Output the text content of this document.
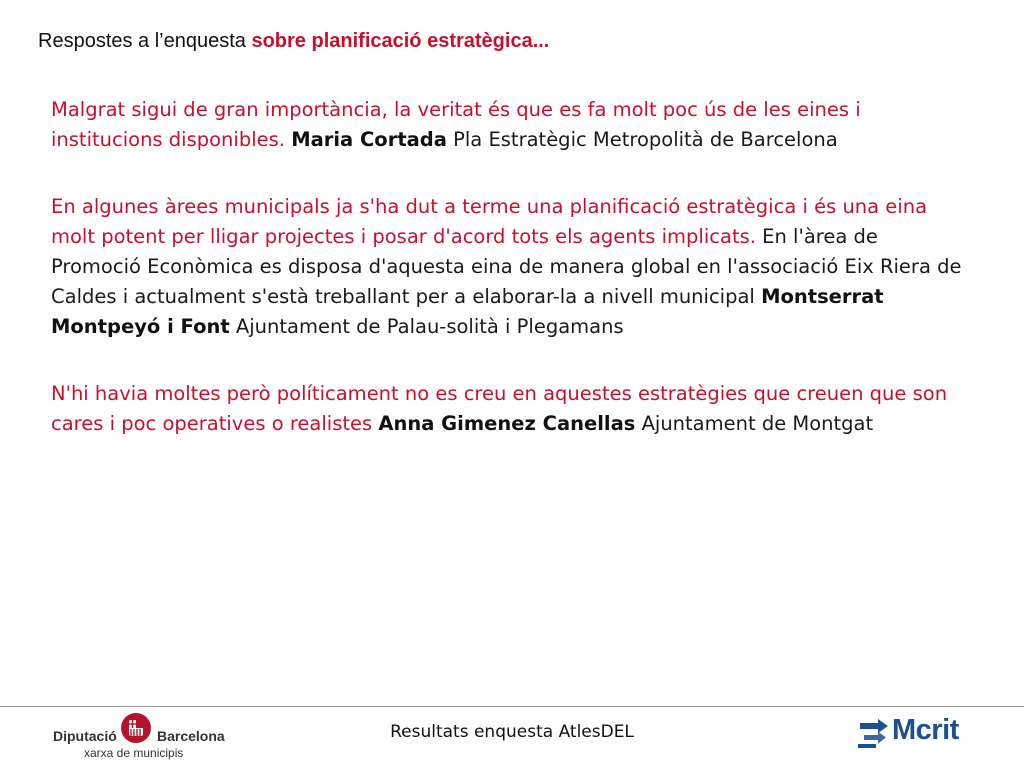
Respostes a l’enquesta sobre planificació estratègica...
Malgrat sigui de gran importància, la veritat és que es fa molt poc ús de les eines i institucions disponibles. Maria Cortada Pla Estratègic Metropolità de Barcelona
En algunes àrees municipals ja s'ha dut a terme una planificació estratègica i és una eina molt potent per lligar projectes i posar d'acord tots els agents implicats. En l'àrea de Promoció Econòmica es disposa d'aquesta eina de manera global en l'associació Eix Riera de Caldes i actualment s'està treballant per a elaborar-la a nivell municipal Montserrat Montpeyó i Font Ajuntament de Palau-solità i Plegamans
N'hi havia moltes però políticament no es creu en aquestes estratègies que creuen que son cares i poc operatives o realistes Anna Gimenez Canellas Ajuntament de Montgat
Diputació	Barcelona
xarxa de municipis
Resultats enquesta AtlesDEL	Mcrit
